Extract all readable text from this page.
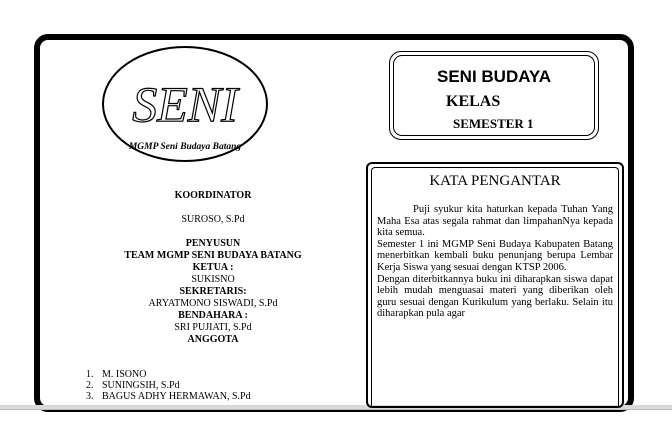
SENI
MGMP Seni Budaya Batang
KOORDINATOR
SUROSO, S.Pd
PENYUSUN
TEAM MGMP SENI BUDAYA BATANG
KETUA :
SUKISNO
SEKRETARIS:
ARYATMONO SISWADI, S.Pd
BENDAHARA :
SRI PUJIATI, S.Pd
ANGGOTA
1. M. ISONO
2. SUNINGSIH, S.Pd
3. BAGUS ADHY HERMAWAN, S.Pd
SENI BUDAYA
KELAS
SEMESTER 1
KATA PENGANTAR

Puji syukur kita haturkan kepada Tuhan Yang Maha Esa atas segala rahmat dan limpahanNya kepada kita semua.

Semester 1 ini MGMP Seni Budaya Kabupaten Batang menerbitkan kembali buku penunjang berupa Lembar Kerja Siswa yang sesuai dengan KTSP 2006.

Dengan diterbitkannya buku ini diharapkan siswa dapat lebih mudah menguasai materi yang diberikan oleh guru sesuai dengan Kurikulum yang berlaku. Selain itu diharapkan pula agar
